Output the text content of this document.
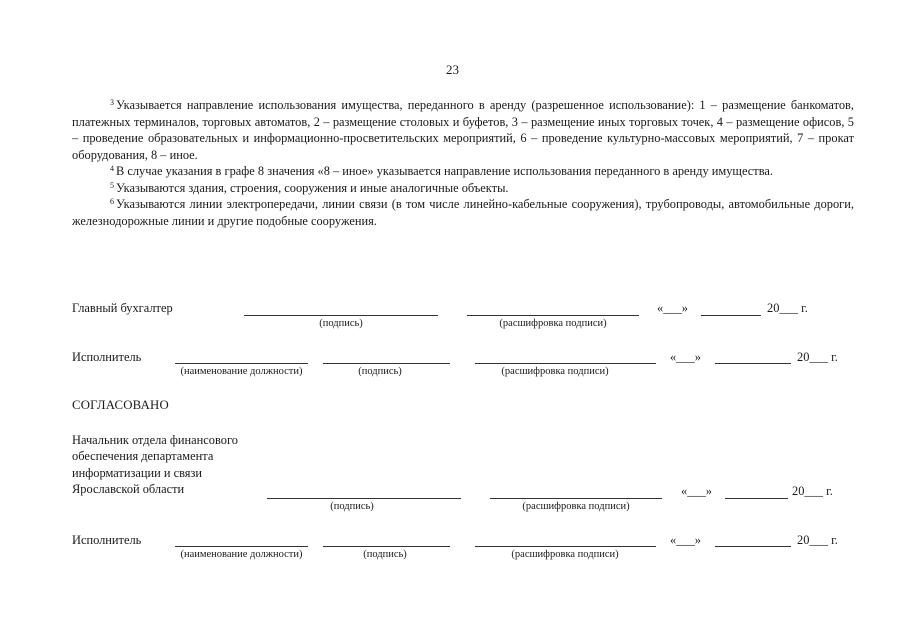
23

$^3$ Указывается направление использования имущества, переданного в аренду (разрешенное использование): 1 – размещение банкоматов, платежных терминалов, торговых автоматов, 2 – размещение столовых и буфетов, 3 – размещение иных торговых точек, 4 – размещение офисов, 5 – проведение образовательных и информационно-просветительских мероприятий, 6 – проведение культурно-массовых мероприятий, 7 – прокат оборудования, 8 – иное.

$^4$ В случае указания в графе 8 значения «8 – иное» указывается направление использования переданного в аренду имущества.

$^5$ Указываются здания, строения, сооружения и иные аналогичные объекты.

$^6$ Указываются линии электропередачи, линии связи (в том числе линейно-кабельные сооружения), трубопроводы, автомобильные дороги, железнодорожные линии и другие подобные сооружения.

Главный бухгалтер
(подпись)	(расшифровка подписи)
«___»	20___ г.
Исполнитель
(наименование должности)	(подпись)	(расшифровка подписи)
«___»	20___ г.
СОГЛАСОВАНО
Начальник отдела финансового
обеспечения департамента
информатизации и связи
Ярославской области
(подпись)	(расшифровка подписи)
«___»	20___ г.
Исполнитель
(наименование должности)	(подпись)	(расшифровка подписи)
«___»	20___ г.
